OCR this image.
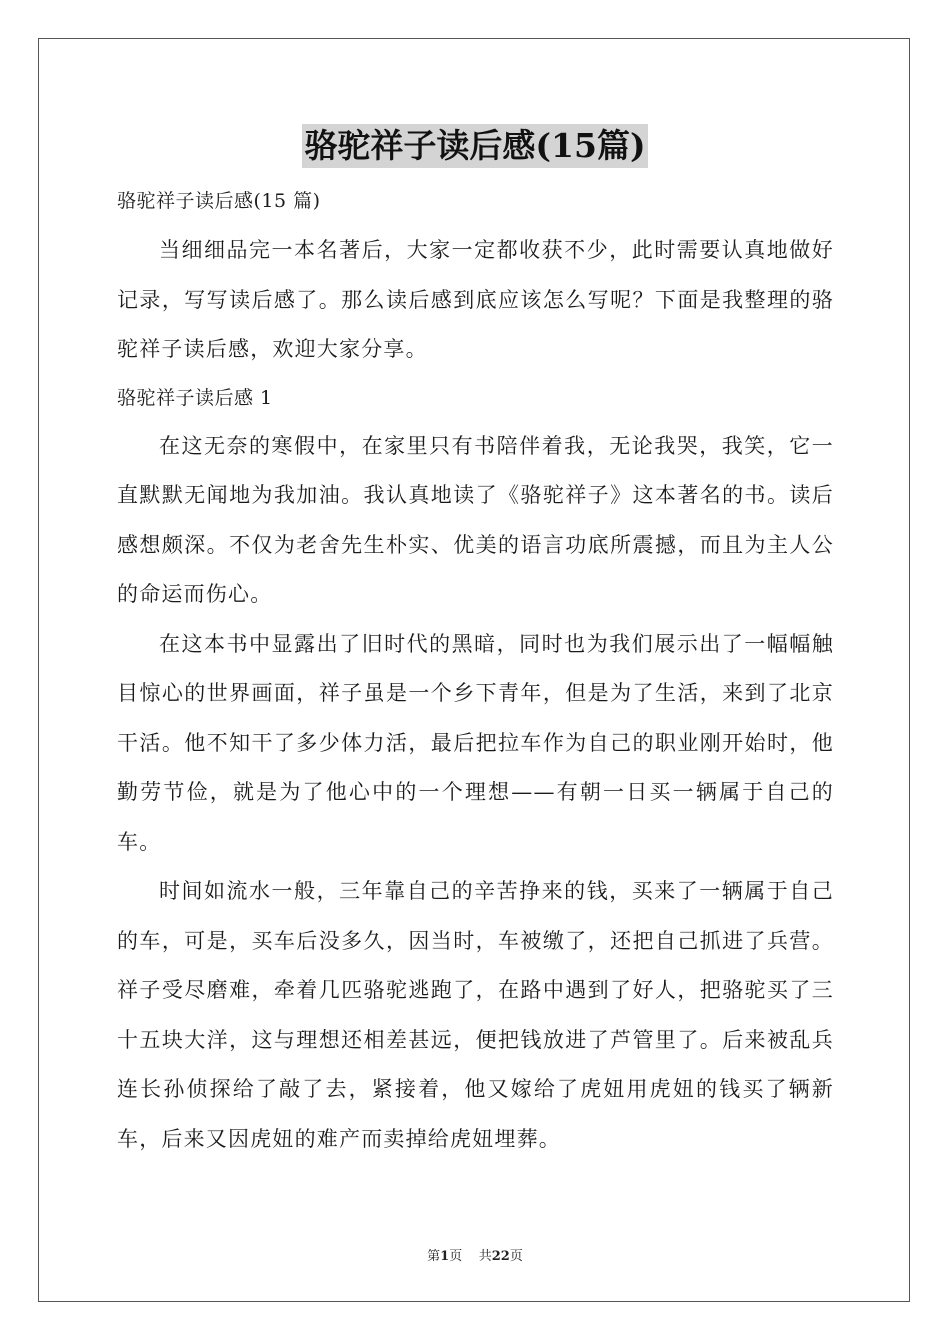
骆驼祥子读后感(15篇)

骆驼祥子读后感(15 篇)

当细细品完一本名著后，大家一定都收获不少，此时需要认真地做好记录，写写读后感了。那么读后感到底应该怎么写呢？下面是我整理的骆驼祥子读后感，欢迎大家分享。

骆驼祥子读后感 1

在这无奈的寒假中，在家里只有书陪伴着我，无论我哭，我笑，它一直默默无闻地为我加油。我认真地读了《骆驼祥子》这本著名的书。读后感想颇深。不仅为老舍先生朴实、优美的语言功底所震撼，而且为主人公的命运而伤心。

在这本书中显露出了旧时代的黑暗，同时也为我们展示出了一幅幅触目惊心的世界画面，祥子虽是一个乡下青年，但是为了生活，来到了北京干活。他不知干了多少体力活，最后把拉车作为自己的职业刚开始时，他勤劳节俭，就是为了他心中的一个理想——有朝一日买一辆属于自己的车。

时间如流水一般，三年靠自己的辛苦挣来的钱，买来了一辆属于自己的车，可是，买车后没多久，因当时，车被缴了，还把自己抓进了兵营。祥子受尽磨难，牵着几匹骆驼逃跑了，在路中遇到了好人，把骆驼买了三十五块大洋，这与理想还相差甚远，便把钱放进了芦管里了。后来被乱兵连长孙侦探给了敲了去，紧接着，他又嫁给了虎妞用虎妞的钱买了辆新车，后来又因虎妞的难产而卖掉给虎妞埋葬。

第1页 共22页
